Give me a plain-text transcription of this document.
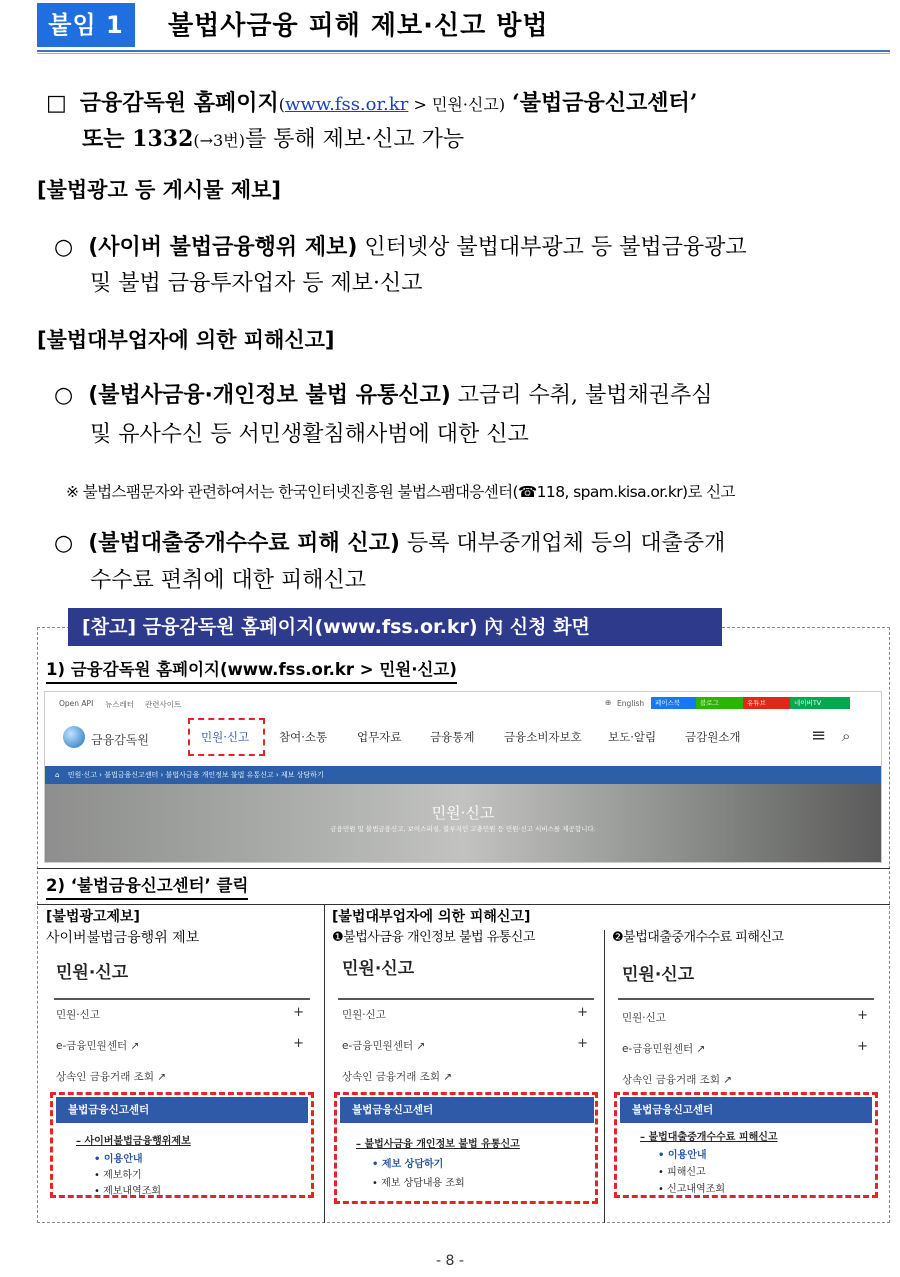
붙임 1	불법사금융 피해 제보·신고 방법
□ 금융감독원 홈페이지(www.fss.or.kr > 민원·신고) ‘불법금융신고센터’
또는 1332(→3번)를 통해 제보·신고 가능
[불법광고 등 게시물 제보]
○ (사이버 불법금융행위 제보) 인터넷상 불법대부광고 등 불법금융광고
및 불법 금융투자업자 등 제보·신고
[불법대부업자에 의한 피해신고]
○ (불법사금융·개인정보 불법 유통신고) 고금리 수취, 불법채권추심
및 유사수신 등 서민생활침해사범에 대한 신고
※ 불법스팸문자와 관련하여서는 한국인터넷진흥원 불법스팸대응센터(☎118, spam.kisa.or.kr)로 신고
○ (불법대출중개수수료 피해 신고) 등록 대부중개업체 등의 대출중개
수수료 편취에 대한 피해신고
[참고] 금융감독원 홈페이지(www.fss.or.kr) 內 신청 화면
1) 금융감독원 홈페이지(www.fss.or.kr > 민원·신고)
Open API 뉴스레터 관련사이트	⊕ English	페이스북	블로그	유튜브	네이버TV
금융감독원	민원·신고	참여·소통	업무자료 금융통계	금융소비자보호 보도·알림	금감원소개	≡ ⌕
⌂ 민원·신고 › 불법금융신고센터 › 불법사금융 개인정보 불법 유통신고 › 제보 상담하기
민원·신고
금융민원 및 불법금융신고, 보이스피싱, 불부지인 고충민원 등 민원·신고 서비스를 제공합니다.
2) ‘불법금융신고센터’ 클릭
[불법광고제보]
사이버불법금융행위 제보
[불법대부업자에 의한 피해신고]
❶불법사금융 개인정보 불법 유통신고	❷불법대출중개수수료 피해신고
민원·신고
민원·신고	+
e-금융민원센터 ↗	+
상속인 금융거래 조회 ↗
불법금융신고센터
– 사이버불법금융행위제보
• 이용안내
• 제보하기
• 제보내역조회
민원·신고
민원·신고	+
e-금융민원센터 ↗	+
상속인 금융거래 조회 ↗
불법금융신고센터
– 불법사금융 개인정보 불법 유통신고
• 제보 상담하기
• 제보 상담내용 조회
민원·신고
민원·신고	+
e-금융민원센터 ↗	+
상속인 금융거래 조회 ↗
불법금융신고센터
– 불법대출중개수수료 피해신고
• 이용안내
• 피해신고
• 신고내역조회
- 8 -
